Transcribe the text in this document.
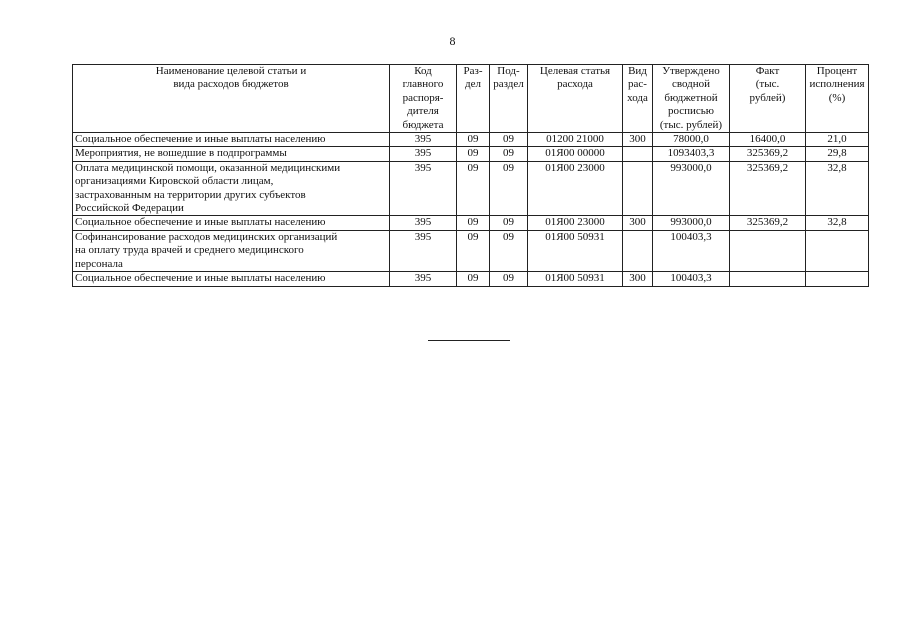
8
Наименование целевой статьи и
вида расходов бюджетов	Код
главного
распоря-
дителя
бюджета	Раз-
дел	Под-
раздел	Целевая статья
расхода	Вид
рас-
хода	Утверждено
сводной
бюджетной
росписью
(тыс. рублей)	Факт
(тыс.
рублей)	Процент
исполнения
(%)
Социальное обеспечение и иные выплаты населению	395	09	09	01200 21000	300	78000,0	16400,0	21,0
Мероприятия, не вошедшие в подпрограммы	395	09	09	01Я00 00000		1093403,3	325369,2	29,8
Оплата медицинской помощи, оказанной медицинскими
организациями Кировской области лицам,
застрахованным на территории других субъектов
Российской Федерации	395	09	09	01Я00 23000		993000,0	325369,2	32,8
Социальное обеспечение и иные выплаты населению	395	09	09	01Я00 23000	300	993000,0	325369,2	32,8
Софинансирование расходов медицинских организаций
на оплату труда врачей и среднего медицинского
персонала	395	09	09	01Я00 50931		100403,3		
Социальное обеспечение и иные выплаты населению	395	09	09	01Я00 50931	300	100403,3		
